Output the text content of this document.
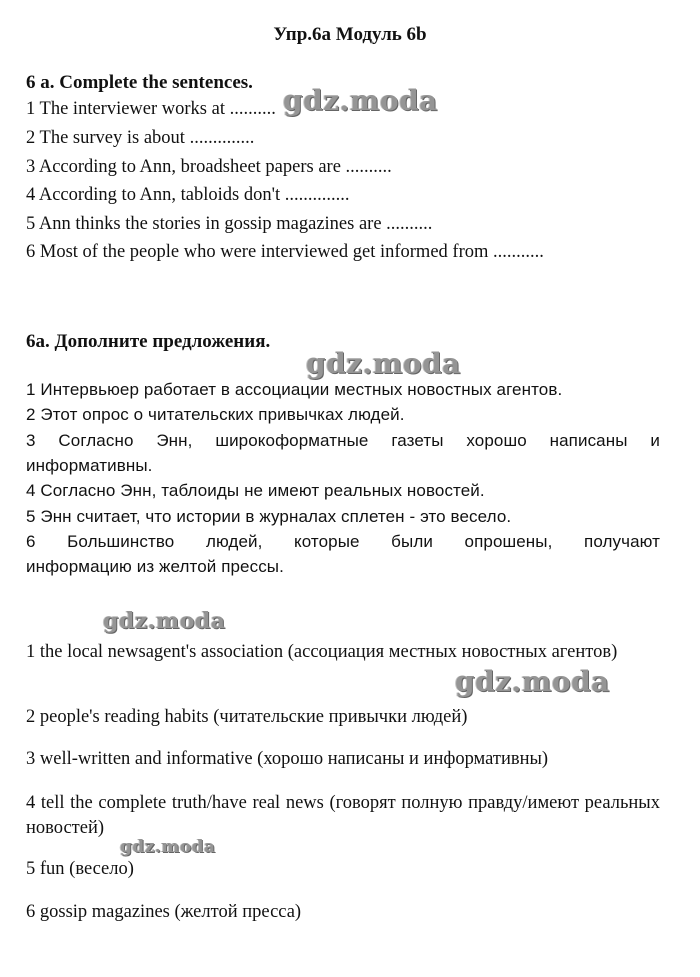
Упр.6а Модуль 6b
6 a. Complete the sentences.
1 The interviewer works at ..........
2 The survey is about ..............
3 According to Ann, broadsheet papers are ..........
4 According to Ann, tabloids don't ..............
5 Ann thinks the stories in gossip magazines are ..........
6 Most of the people who were interviewed get informed from ...........
6а. Дополните предложения.
1 Интервьюер работает в ассоциации местных новостных агентов.
2 Этот опрос о читательских привычках людей.
3 Согласно Энн, широкоформатные газеты хорошо написаны и
информативны.
4 Согласно Энн, таблоиды не имеют реальных новостей.
5 Энн считает, что истории в журналах сплетен - это весело.
6 Большинство людей, которые были опрошены, получают
информацию из желтой прессы.
1 the local newsagent's association (ассоциация местных новостных агентов)
2 people's reading habits (читательские привычки людей)
3 well-written and informative (хорошо написаны и информативны)
4 tell the complete truth/have real news (говорят полную правду/имеют реальных новостей)
5 fun (весело)
6 gossip magazines (желтой пресса)
gdz.moda
gdz.moda
gdz.moda
gdz.moda
gdz.moda
